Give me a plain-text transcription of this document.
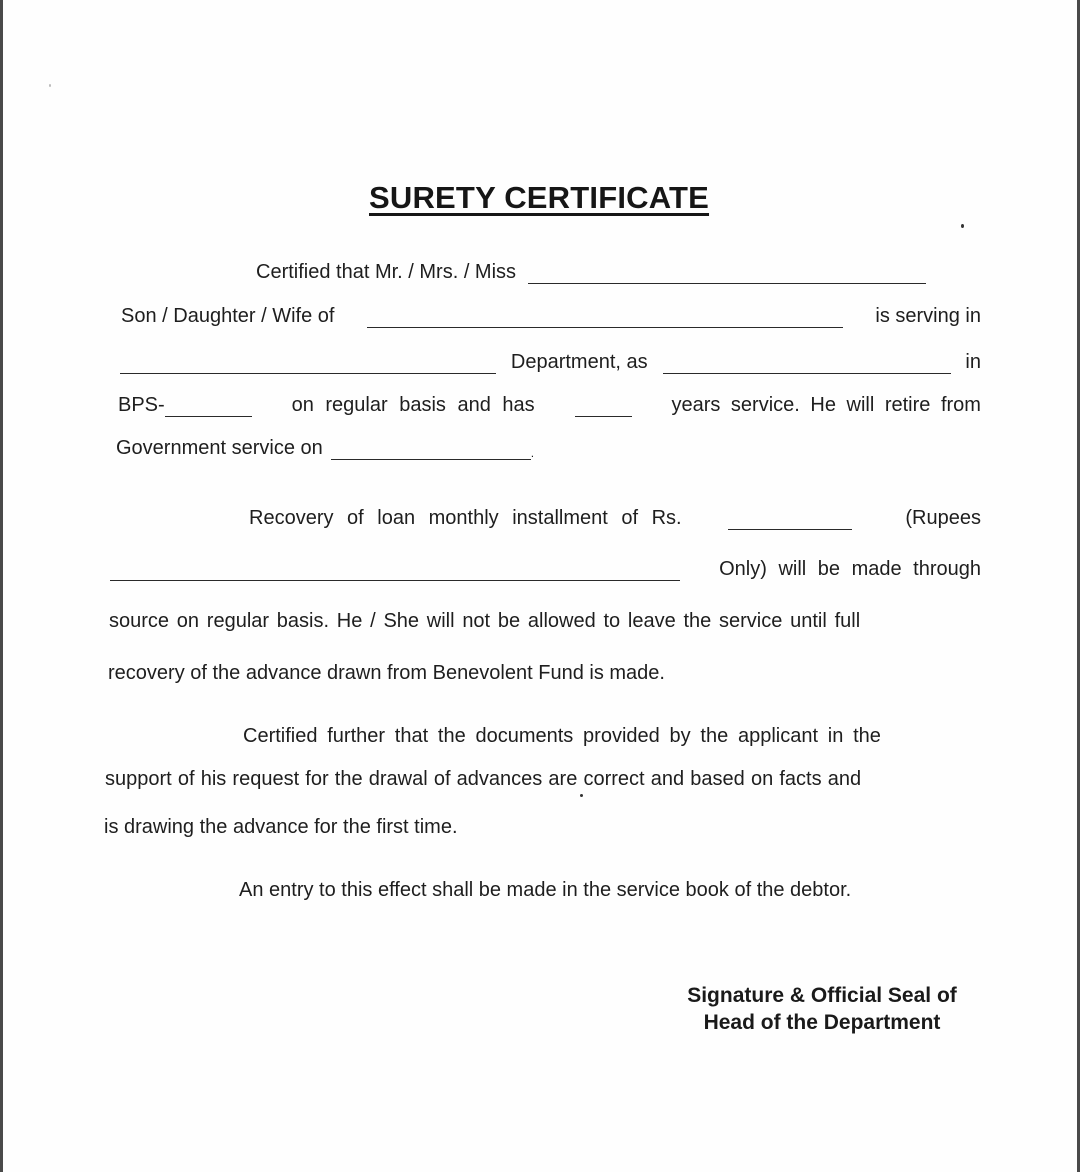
SURETY CERTIFICATE
Certified that Mr. / Mrs. / Miss
Son / Daughter / Wife of	is serving in
Department, as	in
BPS-	on regular basis and has	years service. He will retire from
Government service on	.
Recovery of loan monthly installment of Rs.	(Rupees
Only) will be made through
source on regular basis. He / She will not be allowed to leave the service until full
recovery of the advance drawn from Benevolent Fund is made.
Certified further that the documents provided by the applicant in the
support of his request for the drawal of advances are correct and based on facts and
is drawing the advance for the first time.
An entry to this effect shall be made in the service book of the debtor.
Signature & Official Seal of
Head of the Department
